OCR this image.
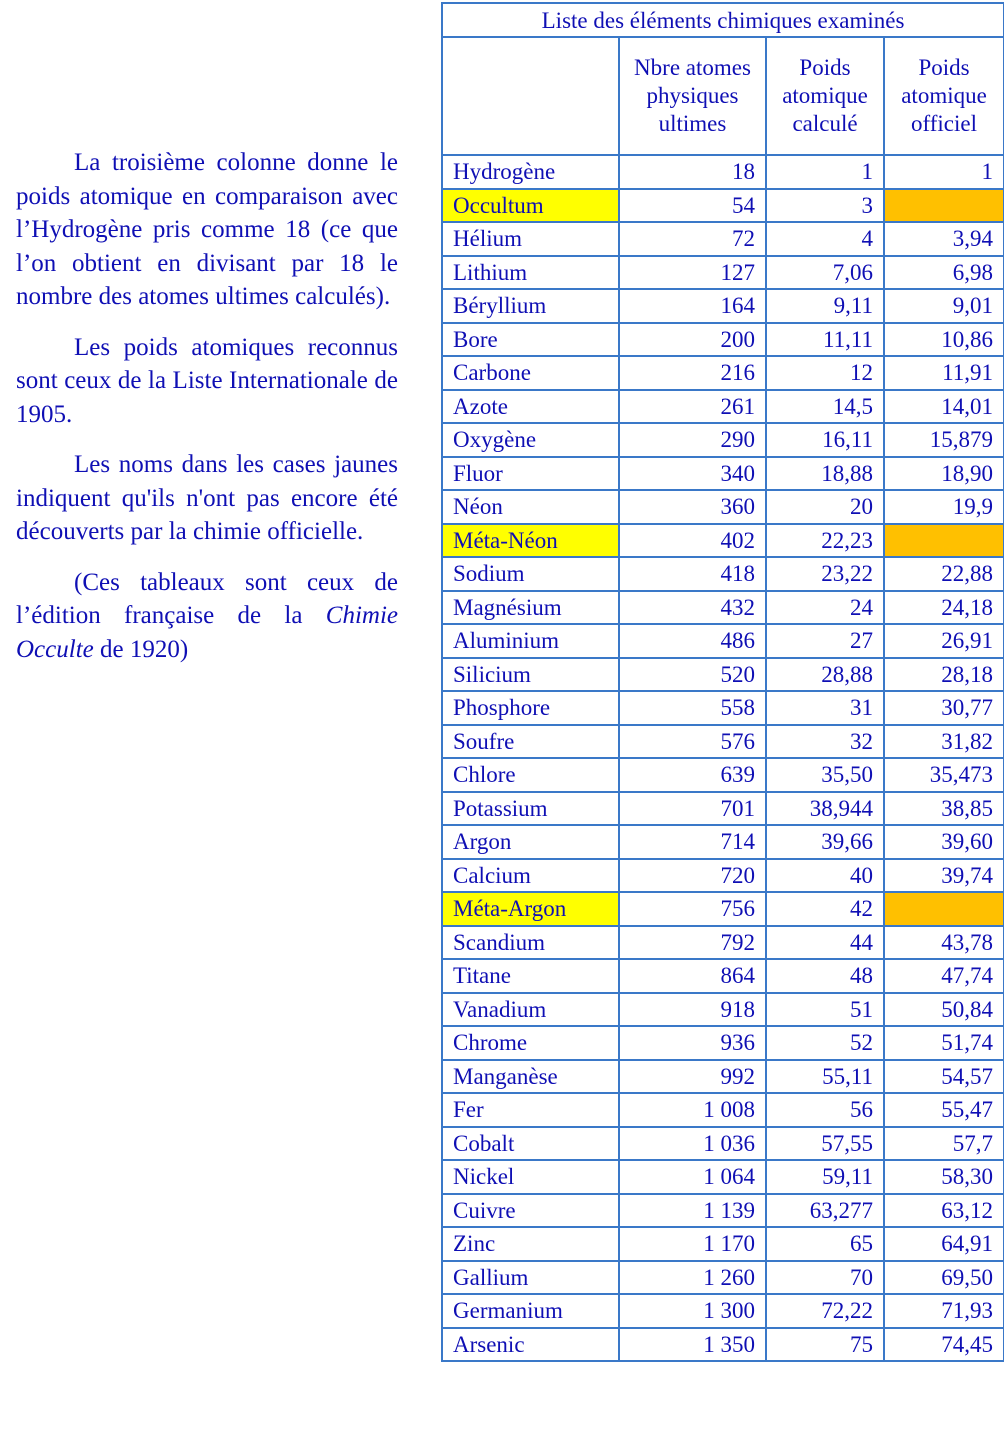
La troisième colonne donne le poids atomique en comparaison avec l’Hydrogène pris comme 18 (ce que l’on obtient en divisant par 18 le nombre des atomes ultimes calculés).

Les poids atomiques reconnus sont ceux de la Liste Internationale de 1905.

Les noms dans les cases jaunes indiquent qu'ils n'ont pas encore été découverts par la chimie officielle.

(Ces tableaux sont ceux de l’édition française de la Chimie Occulte de 1920)

Liste des éléments chimiques examinés			
	Nbre atomes physiques ultimes	Poids atomique calculé	Poids atomique officiel
Hydrogène	18	1	1
Occultum	54	3	
Hélium	72	4	3,94
Lithium	127	7,06	6,98
Béryllium	164	9,11	9,01
Bore	200	11,11	10,86
Carbone	216	12	11,91
Azote	261	14,5	14,01
Oxygène	290	16,11	15,879
Fluor	340	18,88	18,90
Néon	360	20	19,9
Méta-Néon	402	22,23	
Sodium	418	23,22	22,88
Magnésium	432	24	24,18
Aluminium	486	27	26,91
Silicium	520	28,88	28,18
Phosphore	558	31	30,77
Soufre	576	32	31,82
Chlore	639	35,50	35,473
Potassium	701	38,944	38,85
Argon	714	39,66	39,60
Calcium	720	40	39,74
Méta-Argon	756	42	
Scandium	792	44	43,78
Titane	864	48	47,74
Vanadium	918	51	50,84
Chrome	936	52	51,74
Manganèse	992	55,11	54,57
Fer	1 008	56	55,47
Cobalt	1 036	57,55	57,7
Nickel	1 064	59,11	58,30
Cuivre	1 139	63,277	63,12
Zinc	1 170	65	64,91
Gallium	1 260	70	69,50
Germanium	1 300	72,22	71,93
Arsenic	1 350	75	74,45
